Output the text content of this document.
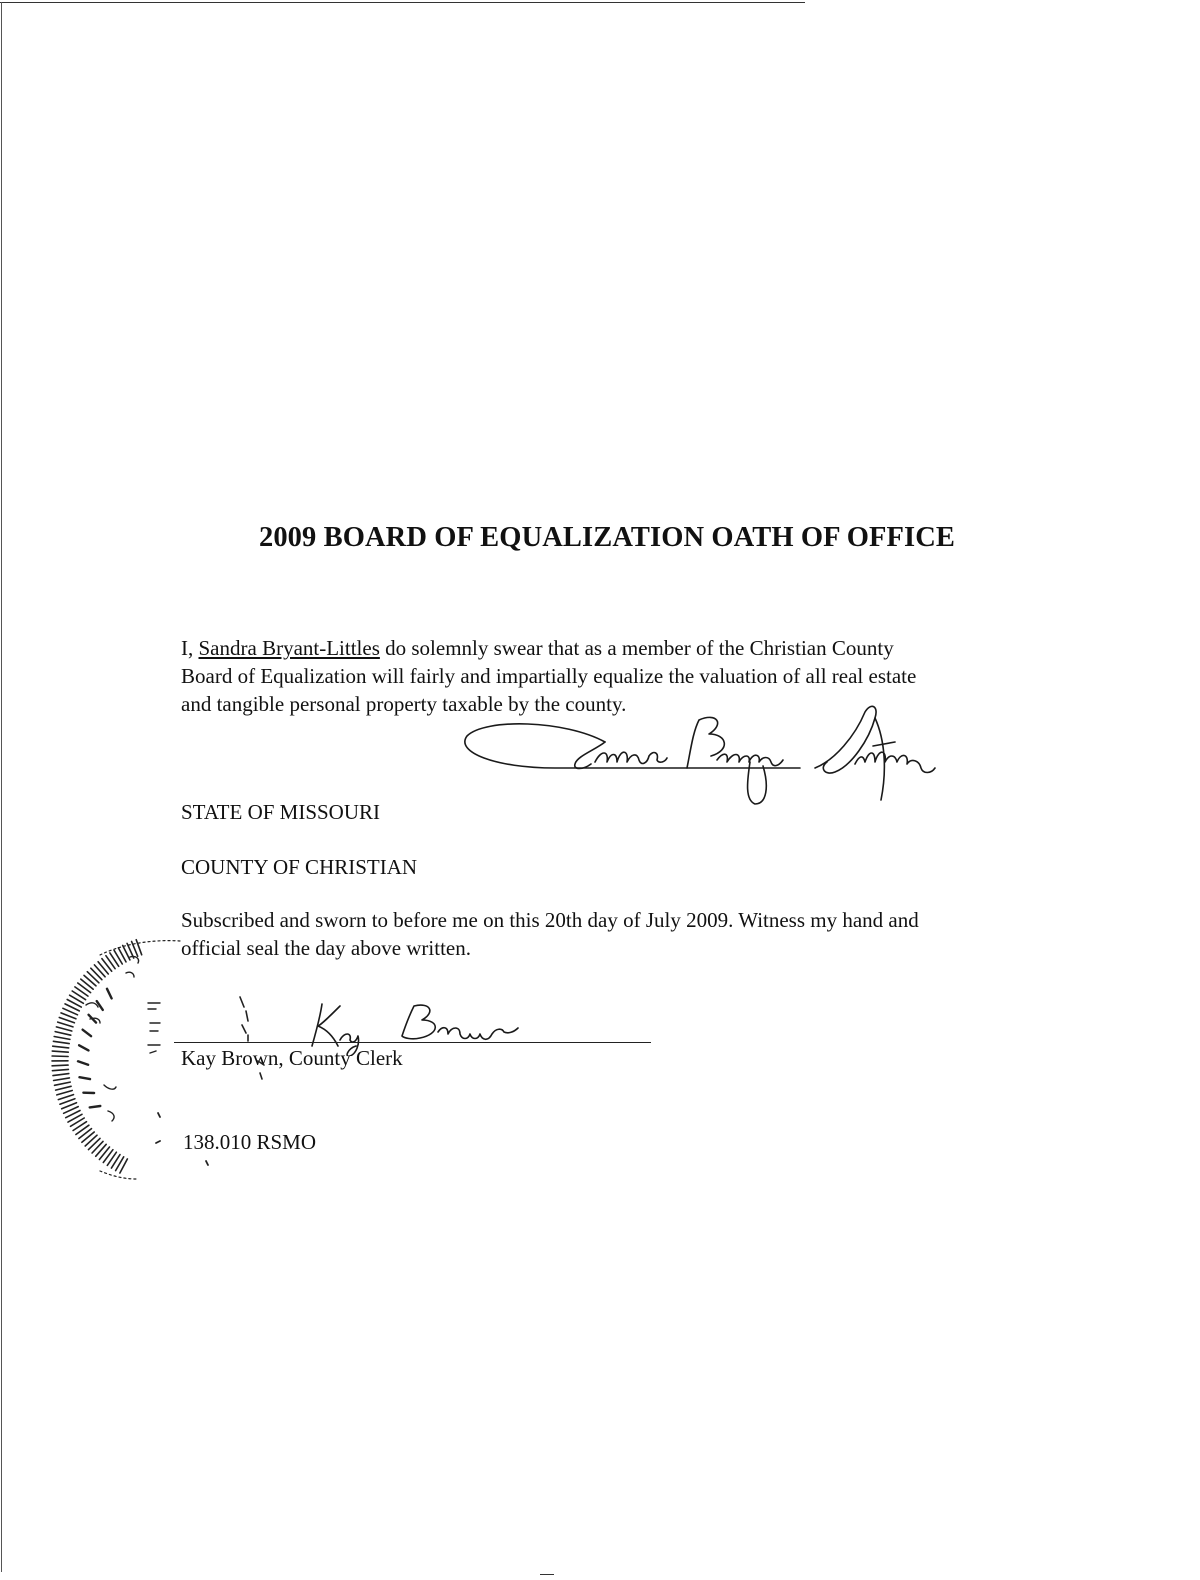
2009 BOARD OF EQUALIZATION OATH OF OFFICE
I, Sandra Bryant-Littles do solemnly swear that as a member of the Christian County
Board of Equalization will fairly and impartially equalize the valuation of all real estate
and tangible personal property taxable by the county.
STATE OF MISSOURI
COUNTY OF CHRISTIAN
Subscribed and sworn to before me on this 20th day of July 2009. Witness my hand and
official seal the day above written.
Kay Brown, County Clerk
138.010 RSMO
